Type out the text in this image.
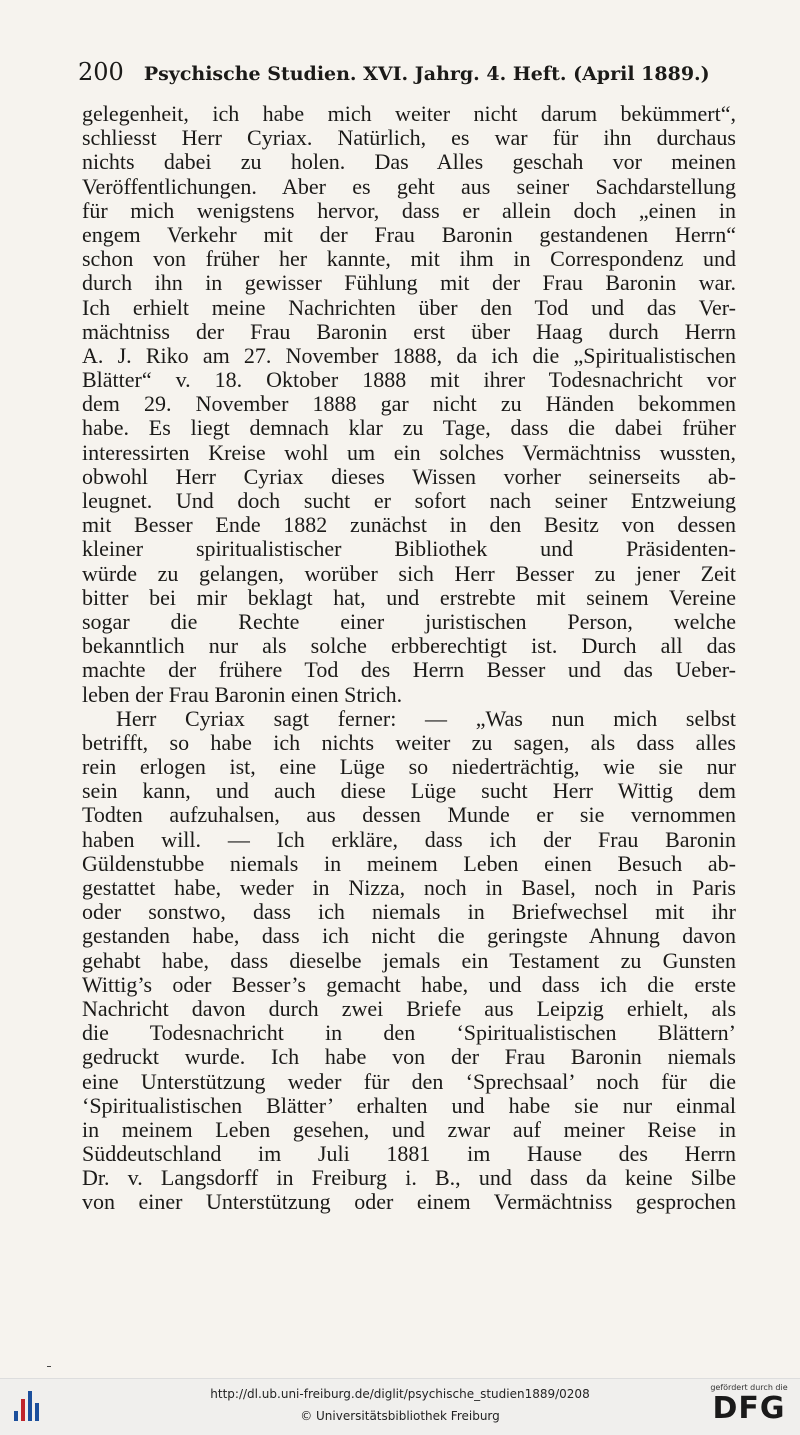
200 Psychische Studien. XVI. Jahrg. 4. Heft. (April 1889.)
gelegenheit, ich habe mich weiter nicht darum bekümmert“,
schliesst Herr Cyriax. Natürlich, es war für ihn durchaus
nichts dabei zu holen. Das Alles geschah vor meinen
Veröffentlichungen. Aber es geht aus seiner Sachdarstellung
für mich wenigstens hervor, dass er allein doch „einen in
engem Verkehr mit der Frau Baronin gestandenen Herrn“
schon von früher her kannte, mit ihm in Correspondenz und
durch ihn in gewisser Fühlung mit der Frau Baronin war.
Ich erhielt meine Nachrichten über den Tod und das Ver-
mächtniss der Frau Baronin erst über Haag durch Herrn
A. J. Riko am 27. November 1888, da ich die „Spiritualistischen
Blätter“ v. 18. Oktober 1888 mit ihrer Todesnachricht vor
dem 29. November 1888 gar nicht zu Händen bekommen
habe. Es liegt demnach klar zu Tage, dass die dabei früher
interessirten Kreise wohl um ein solches Vermächtniss wussten,
obwohl Herr Cyriax dieses Wissen vorher seinerseits ab-
leugnet. Und doch sucht er sofort nach seiner Entzweiung
mit Besser Ende 1882 zunächst in den Besitz von dessen
kleiner spiritualistischer Bibliothek und Präsidenten-
würde zu gelangen, worüber sich Herr Besser zu jener Zeit
bitter bei mir beklagt hat, und erstrebte mit seinem Vereine
sogar die Rechte einer juristischen Person, welche
bekanntlich nur als solche erbberechtigt ist. Durch all das
machte der frühere Tod des Herrn Besser und das Ueber-
leben der Frau Baronin einen Strich.
Herr Cyriax sagt ferner: — „Was nun mich selbst
betrifft, so habe ich nichts weiter zu sagen, als dass alles
rein erlogen ist, eine Lüge so niederträchtig, wie sie nur
sein kann, und auch diese Lüge sucht Herr Wittig dem
Todten aufzuhalsen, aus dessen Munde er sie vernommen
haben will. — Ich erkläre, dass ich der Frau Baronin
Güldenstubbe niemals in meinem Leben einen Besuch ab-
gestattet habe, weder in Nizza, noch in Basel, noch in Paris
oder sonstwo, dass ich niemals in Briefwechsel mit ihr
gestanden habe, dass ich nicht die geringste Ahnung davon
gehabt habe, dass dieselbe jemals ein Testament zu Gunsten
Wittig’s oder Besser’s gemacht habe, und dass ich die erste
Nachricht davon durch zwei Briefe aus Leipzig erhielt, als
die Todesnachricht in den ‘Spiritualistischen Blättern’
gedruckt wurde. Ich habe von der Frau Baronin niemals
eine Unterstützung weder für den ‘Sprechsaal’ noch für die
‘Spiritualistischen Blätter’ erhalten und habe sie nur einmal
in meinem Leben gesehen, und zwar auf meiner Reise in
Süddeutschland im Juli 1881 im Hause des Herrn
Dr. v. Langsdorff in Freiburg i. B., und dass da keine Silbe
von einer Unterstützung oder einem Vermächtniss gesprochen
http://dl.ub.uni-freiburg.de/diglit/psychische_studien1889/0208
© Universitätsbibliothek Freiburg
gefördert durch die
DFG
